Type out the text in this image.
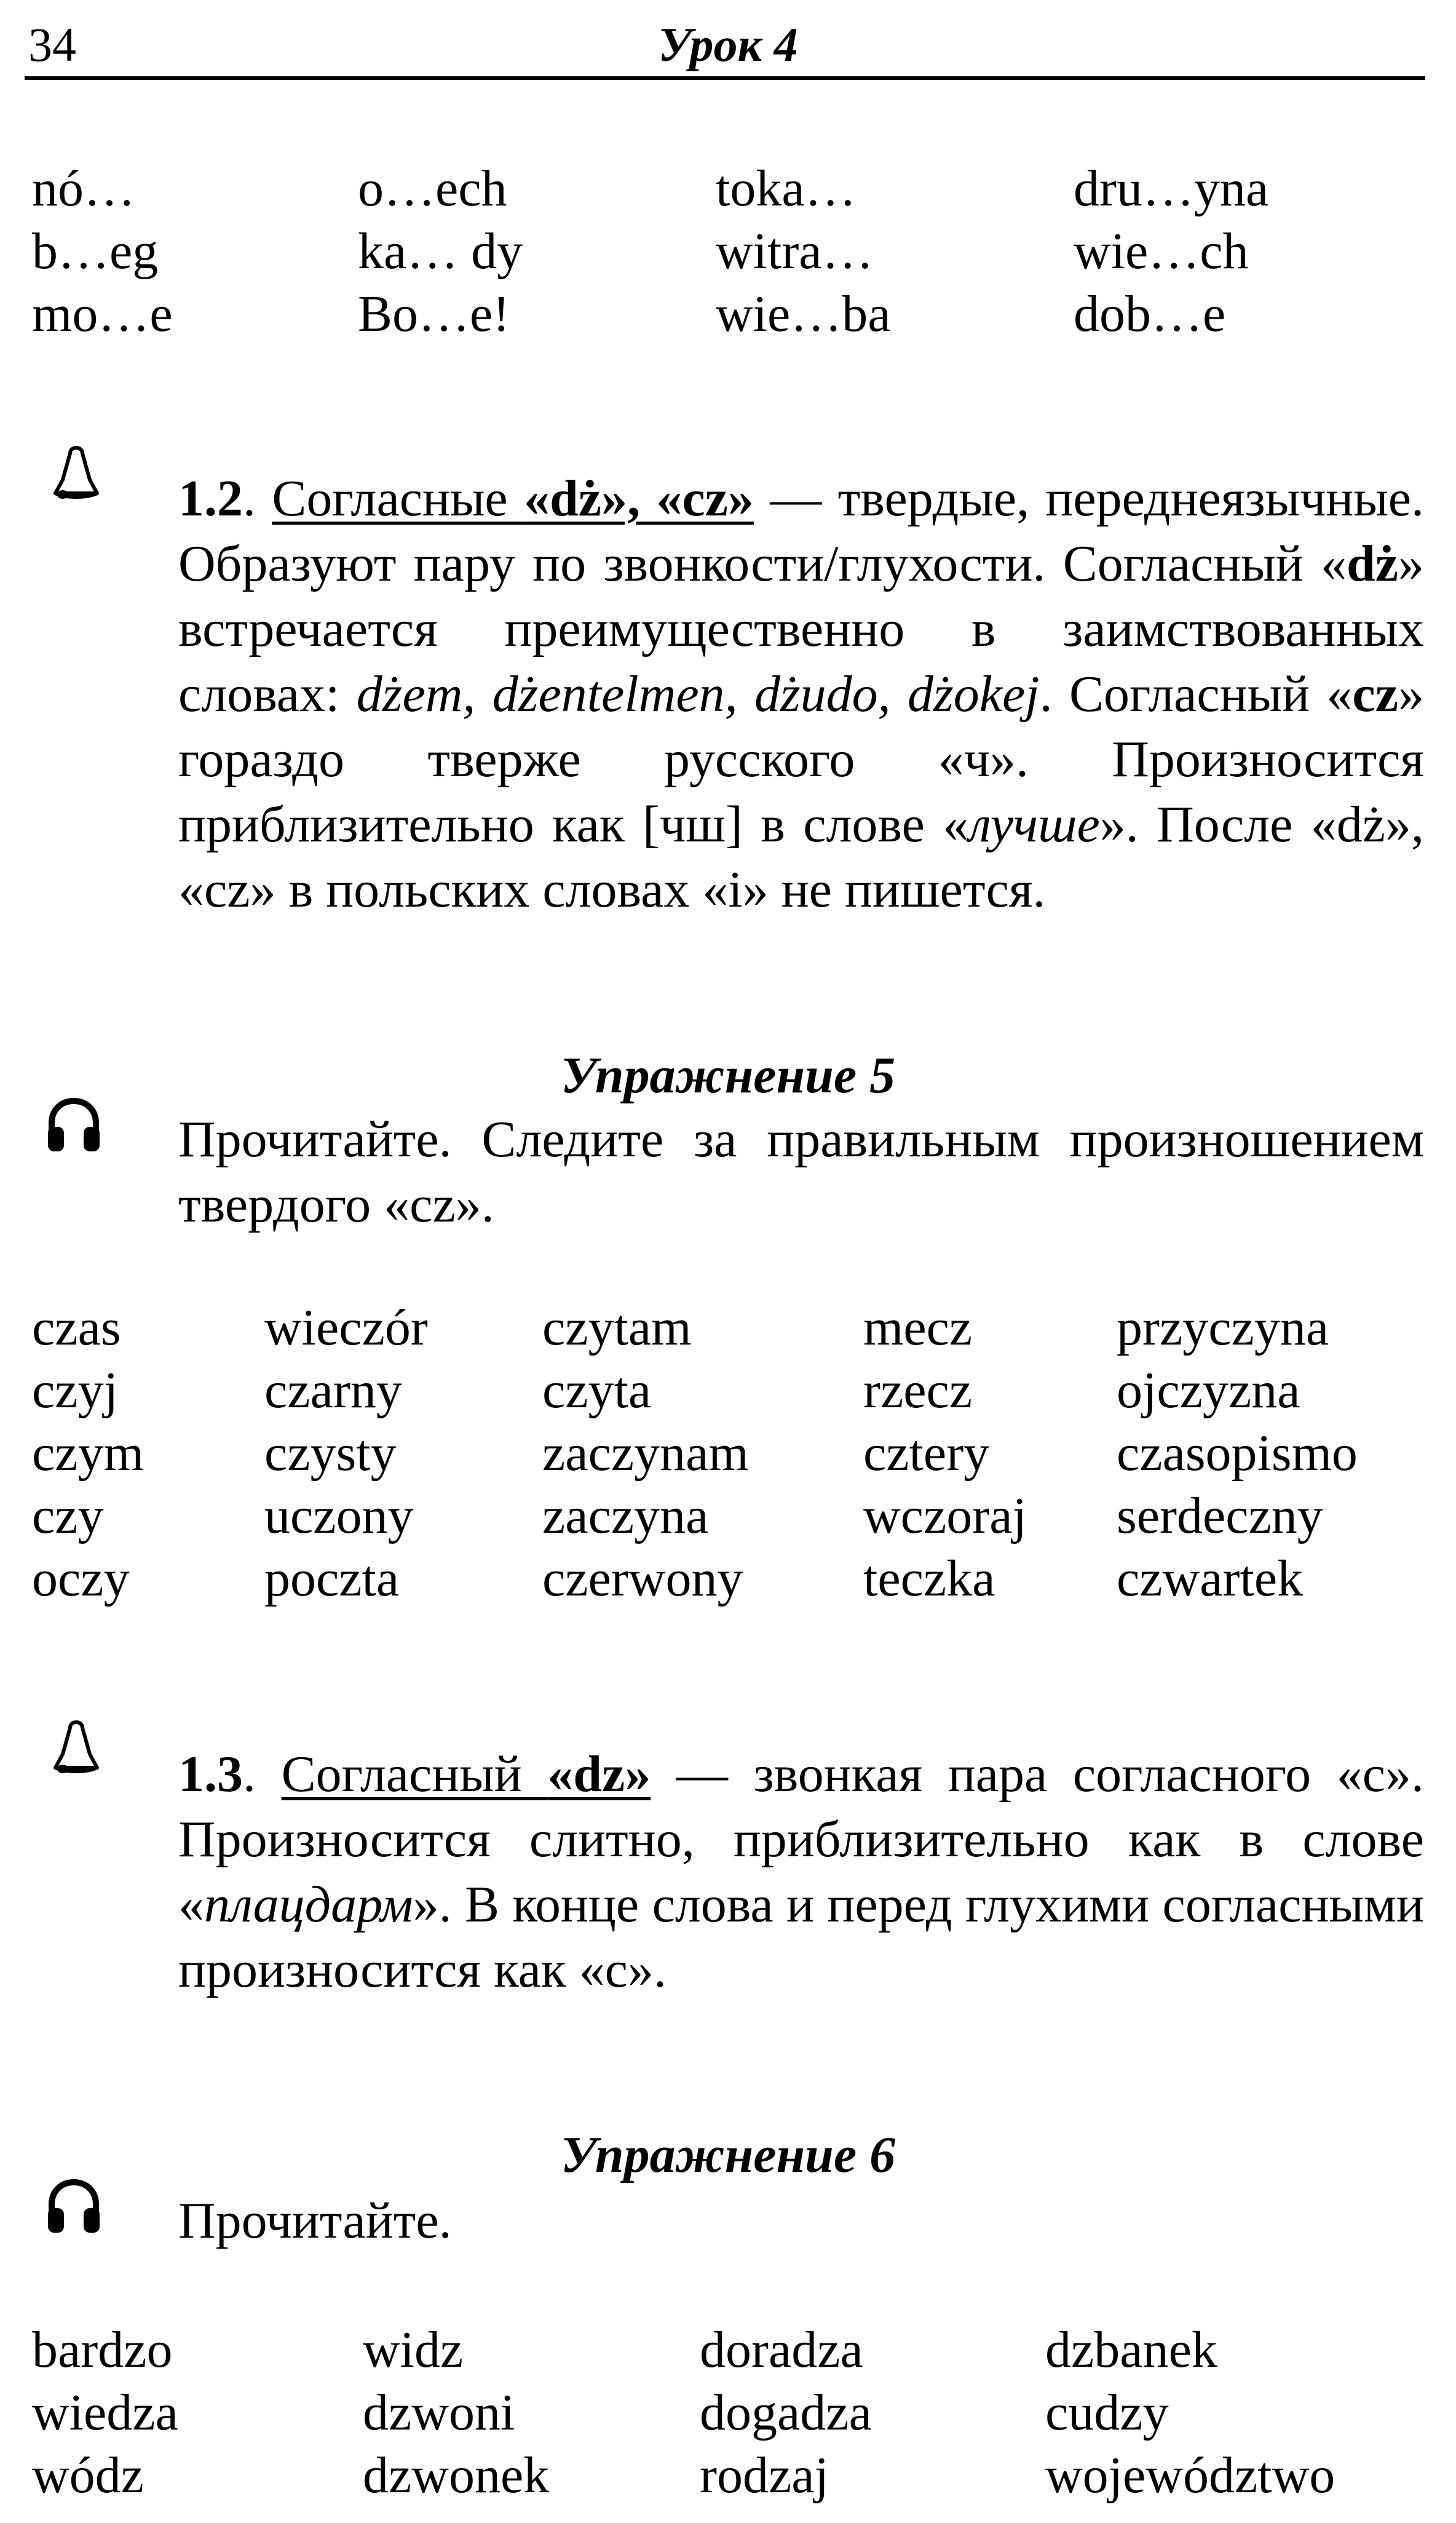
34	Урок 4
nó…
b…eg
mo…e
o…ech
ka… dy
Bo…e!
toka…
witra…
wie…ba
dru…yna
wie…ch
dob…e
1.2. Согласные «dż», «cz» — твердые, переднеязычные. Образуют пару по звонкости/глухости. Согласный «dż» встречается преимущественно в заимствованных словах: dżem, dżentelmen, dżudo, dżokej. Согласный «cz» гораздо тверже русского «ч». Произносится приблизительно как [чш] в слове «лучше». После «dż», «cz» в польских словах «i» не пишется.
Упражнение 5
Прочитайте. Следите за правильным произношением твердого «cz».
czas
czyj
czym
czy
oczy
wieczór
czarny
czysty
uczony
poczta
czytam
czyta
zaczynam
zaczyna
czerwony
mecz
rzecz
cztery
wczoraj
teczka
przyczyna
ojczyzna
czasopismo
serdeczny
czwartek
1.3. Согласный «dz» — звонкая пара согласного «с». Произносится слитно, приблизительно как в слове «плацдарм». В конце слова и перед глухими согласными произносится как «с».
Упражнение 6
Прочитайте.
bardzo
wiedza
wódz
widz
dzwoni
dzwonek
doradza
dogadza
rodzaj
dzbanek
cudzy
województwo
